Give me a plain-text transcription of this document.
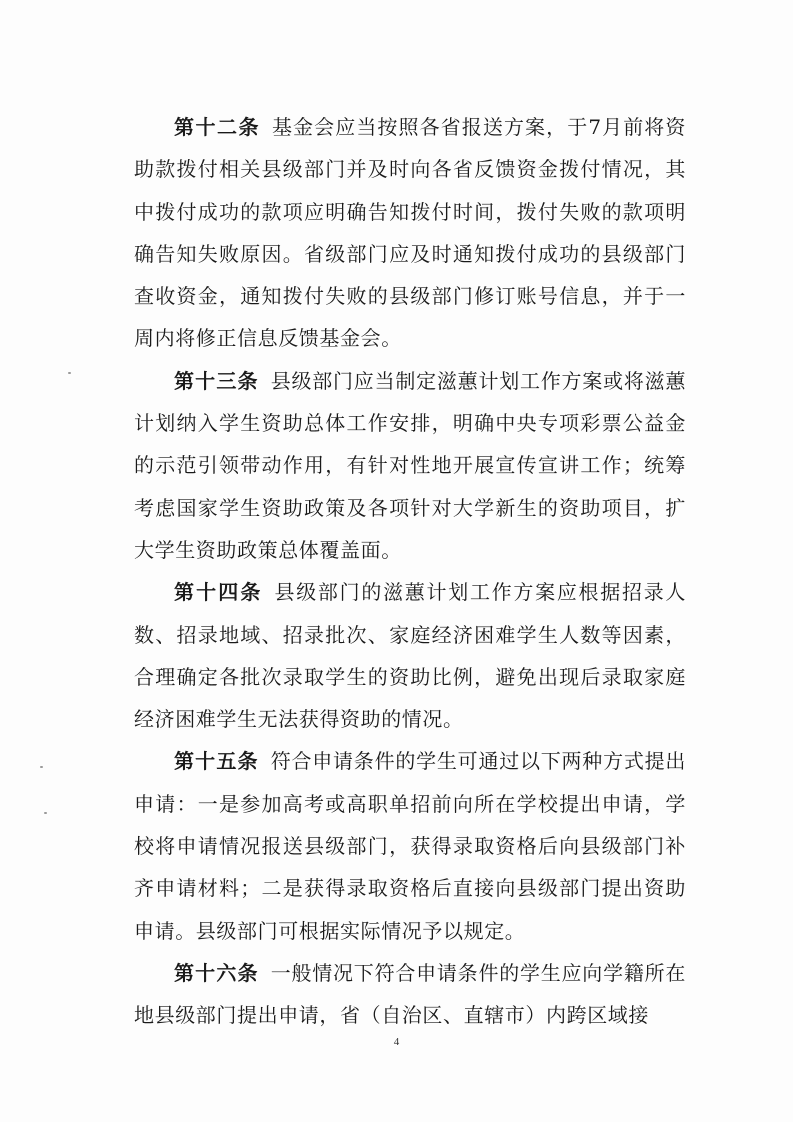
第十二条 基金会应当按照各省报送方案，于7月前将资助款拨付相关县级部门并及时向各省反馈资金拨付情况，其中拨付成功的款项应明确告知拨付时间，拨付失败的款项明确告知失败原因。省级部门应及时通知拨付成功的县级部门查收资金，通知拨付失败的县级部门修订账号信息，并于一周内将修正信息反馈基金会。

第十三条 县级部门应当制定滋蕙计划工作方案或将滋蕙计划纳入学生资助总体工作安排，明确中央专项彩票公益金的示范引领带动作用，有针对性地开展宣传宣讲工作；统筹考虑国家学生资助政策及各项针对大学新生的资助项目，扩大学生资助政策总体覆盖面。

第十四条 县级部门的滋蕙计划工作方案应根据招录人数、招录地域、招录批次、家庭经济困难学生人数等因素，合理确定各批次录取学生的资助比例，避免出现后录取家庭经济困难学生无法获得资助的情况。

第十五条 符合申请条件的学生可通过以下两种方式提出申请：一是参加高考或高职单招前向所在学校提出申请，学校将申请情况报送县级部门，获得录取资格后向县级部门补齐申请材料；二是获得录取资格后直接向县级部门提出资助申请。县级部门可根据实际情况予以规定。

第十六条 一般情况下符合申请条件的学生应向学籍所在地县级部门提出申请，省（自治区、直辖市）内跨区域接

4
